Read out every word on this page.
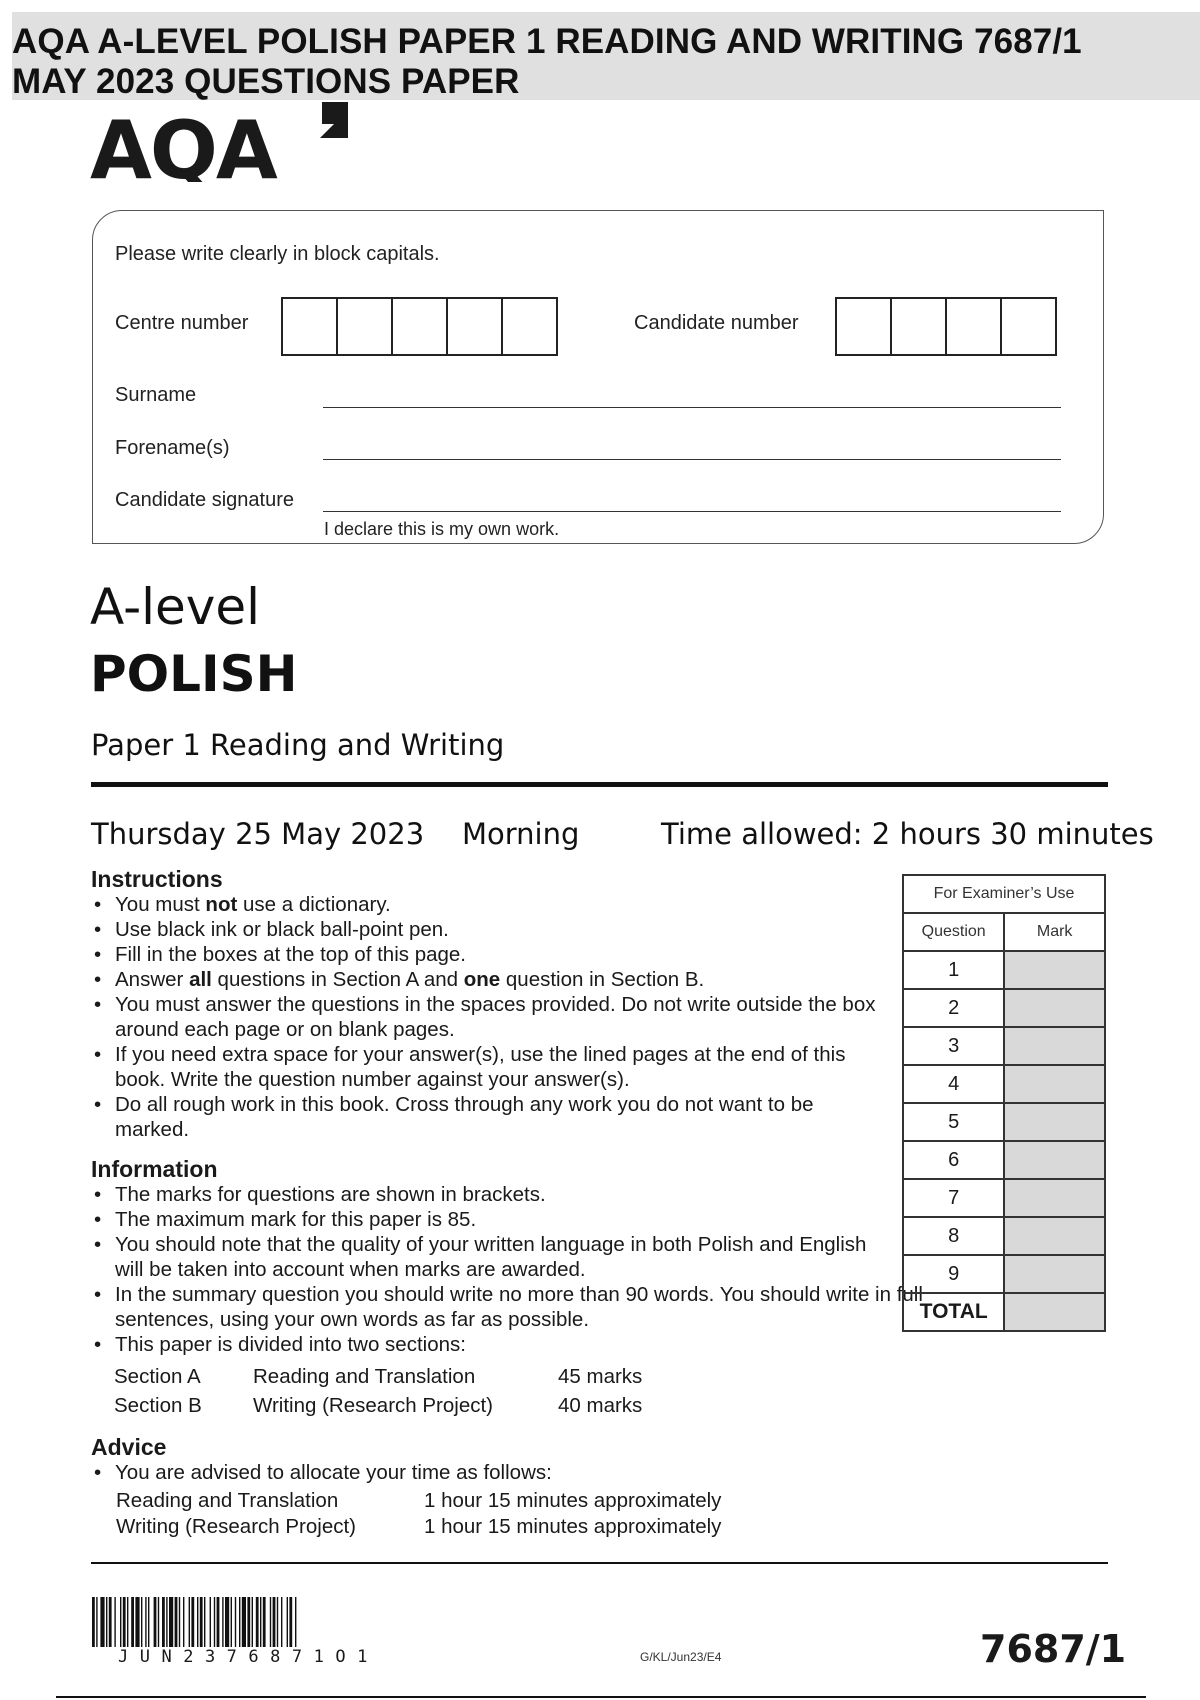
AQA A-LEVEL POLISH PAPER 1 READING AND WRITING 7687/1
MAY 2023 QUESTIONS PAPER
AQA
Please write clearly in block capitals.
Centre number	Candidate number
Surname
Forename(s)
Candidate signature
I declare this is my own work.
A-level
POLISH
Paper 1 Reading and Writing
Thursday 25 May 2023 Morning	Time allowed: 2 hours 30 minutes
Instructions
• You must not use a dictionary.
• Use black ink or black ball-point pen.
• Fill in the boxes at the top of this page.
• Answer all questions in Section A and one question in Section B.
• You must answer the questions in the spaces provided. Do not write outside the box around each page or on blank pages.
• If you need extra space for your answer(s), use the lined pages at the end of this book. Write the question number against your answer(s).
• Do all rough work in this book. Cross through any work you do not want to be marked.
Information
• The marks for questions are shown in brackets.
• The maximum mark for this paper is 85.
• You should note that the quality of your written language in both Polish and English will be taken into account when marks are awarded.
• In the summary question you should write no more than 90 words. You should write in full sentences, using your own words as far as possible.
• This paper is divided into two sections:
Section A	Reading and Translation	45 marks
Section B	Writing (Research Project)	40 marks
Advice
• You are advised to allocate your time as follows:
Reading and Translation	1 hour 15 minutes approximately
Writing (Research Project)	1 hour 15 minutes approximately
For Examiner’s Use	
Question	Mark
1	
2	
3	
4	
5	
6	
7	
8	
9	
TOTAL	
JUN2376871O1	G/KL/Jun23/E4	7687/1
